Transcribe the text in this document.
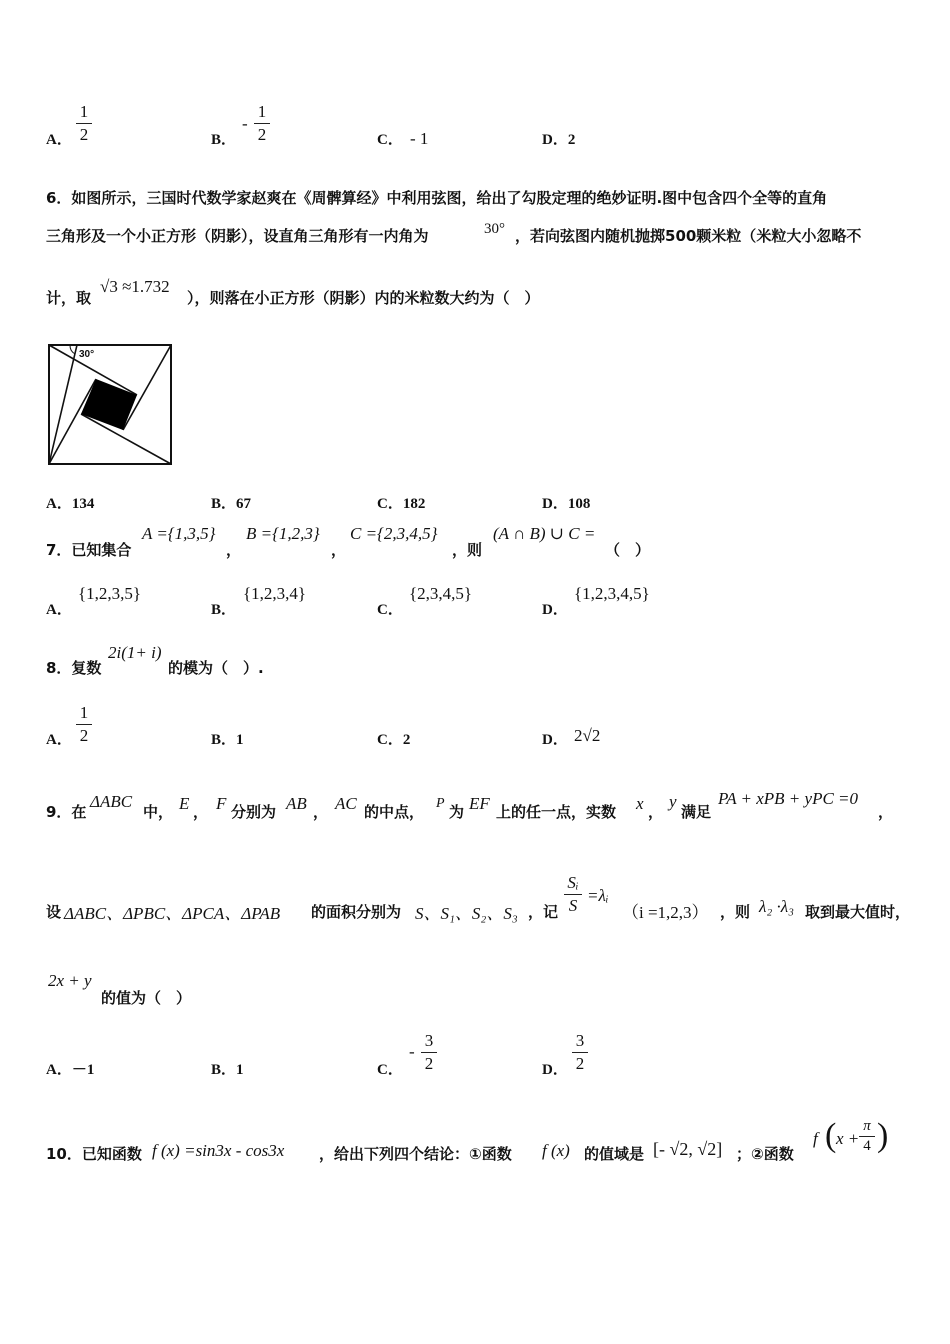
A．
1
2	B．
-
1
2	C． - 1	D．2
6．如图所示，三国时代数学家赵爽在《周髀算经》中利用弦图，给出了勾股定理的绝妙证明.图中包含四个全等的直角
三角形及一个小正方形（阴影），设直角三角形有一内角为	30° ，若向弦图内随机抛掷500颗米粒（米粒大小忽略不
计，取
√3 ≈1.732
），则落在小正方形（阴影）内的米粒数大约为（　）
30°
A．134	B．67	C．182	D．108
7．已知集合
A ={1,3,5}
，
B ={1,2,3}
，
C ={2,3,4,5}
，则
(A ∩ B) ∪ C =
（　）
A．
{1,2,3,5}
B．
{1,2,3,4}
C．
{2,3,4,5}
D．
{1,2,3,4,5}
8．复数
2i(1+ i)
的模为（　）.
A．
1
2	B．1	C．2	D． 2√2
9．在
ΔABC
中， E ， F 分别为 AB ， AC 的中点， P 为 EF 上的任一点，实数 x ，
y
满足
PA + xPB + yPC =0
，
设 ΔABC、ΔPBC、ΔPCA、ΔPAB 的面积分别为 S、S₁、S₂、S₃ ，记
Sᵢ
S
=λᵢ
（i =1,2,3） ，则 λ₂ ·λ₃ 取到最大值时，
2x + y
的值为（　）
A．－1	B．1	C．
-
3
2	D．
3
2
10．已知函数 f (x) =sin3x - cos3x ，给出下列四个结论：①函数 f (x) 的值域是 [- √2, √2] ；②函数
f ( x +
π
4 )
